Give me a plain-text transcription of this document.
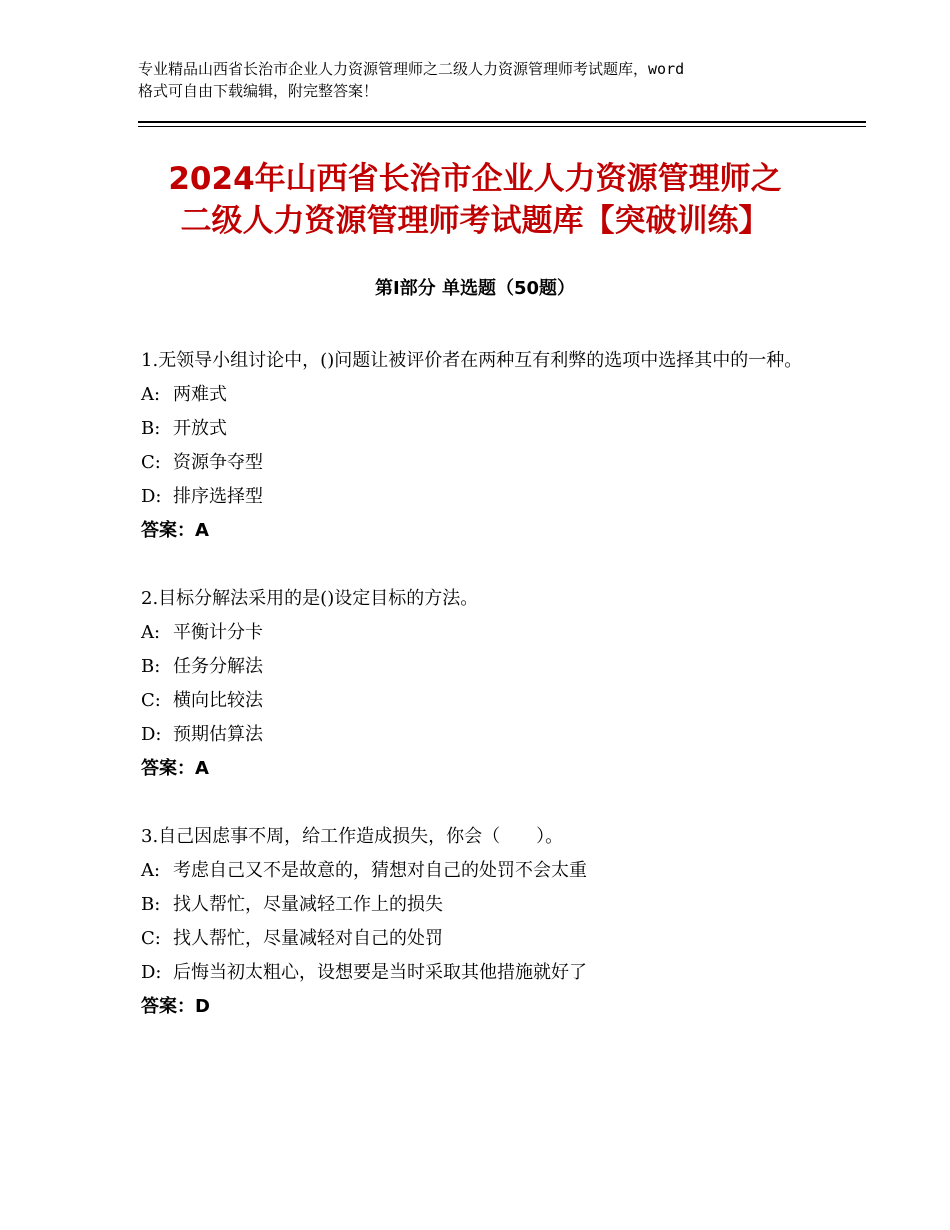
专业精品山西省长治市企业人力资源管理师之二级人力资源管理师考试题库，word
格式可自由下载编辑，附完整答案！
2024年山西省长治市企业人力资源管理师之
二级人力资源管理师考试题库【突破训练】
第Ⅰ部分 单选题（50题）
1. 无领导小组讨论中，()问题让被评价者在两种互有利弊的选项中选择其中的一种。
A: 两难式
B: 开放式
C: 资源争夺型
D: 排序选择型
答案：A
2. 目标分解法采用的是()设定目标的方法。
A: 平衡计分卡
B: 任务分解法
C: 横向比较法
D: 预期估算法
答案：A
3. 自己因虑事不周，给工作造成损失，你会（　　）。
A: 考虑自己又不是故意的，猜想对自己的处罚不会太重
B: 找人帮忙，尽量减轻工作上的损失
C: 找人帮忙，尽量减轻对自己的处罚
D: 后悔当初太粗心，设想要是当时采取其他措施就好了
答案：D
